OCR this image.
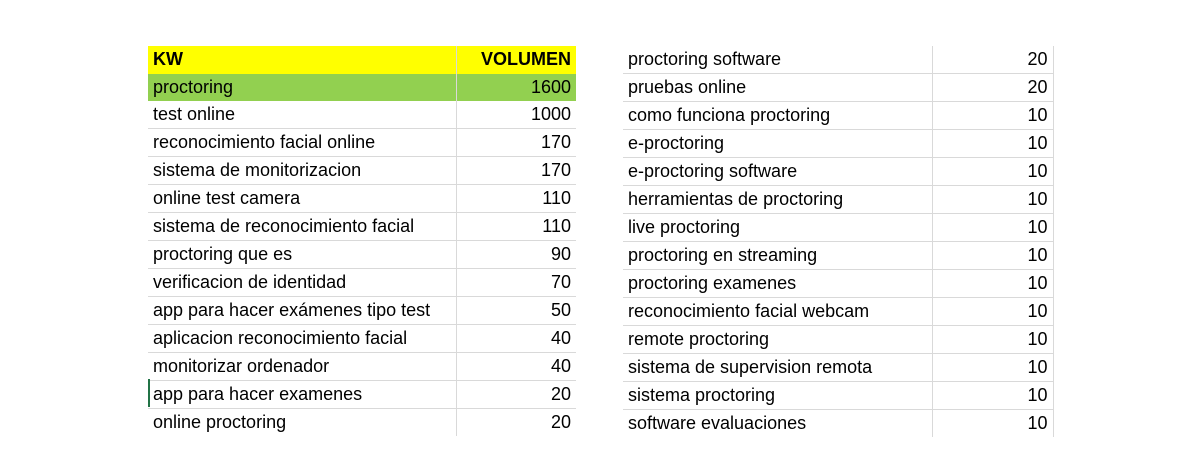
KW	VOLUMEN
proctoring	1600
test online	1000
reconocimiento facial online	170
sistema de monitorizacion	170
online test camera	110
sistema de reconocimiento facial	110
proctoring que es	90
verificacion de identidad	70
app para hacer exámenes tipo test	50
aplicacion reconocimiento facial	40
monitorizar ordenador	40
app para hacer examenes	20
online proctoring	20
proctoring software	20
pruebas online	20
como funciona proctoring	10
e-proctoring	10
e-proctoring software	10
herramientas de proctoring	10
live proctoring	10
proctoring en streaming	10
proctoring examenes	10
reconocimiento facial webcam	10
remote proctoring	10
sistema de supervision remota	10
sistema proctoring	10
software evaluaciones	10
